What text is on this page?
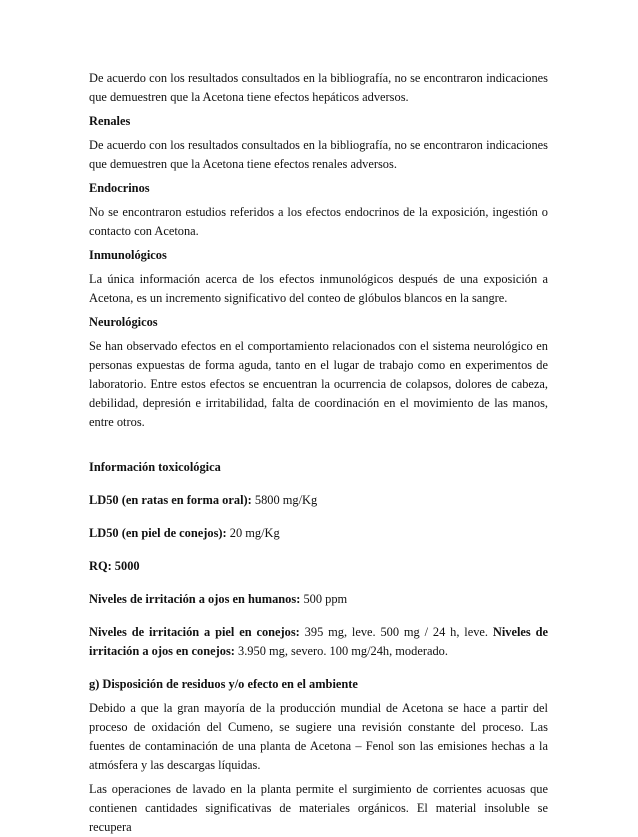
De acuerdo con los resultados consultados en la bibliografía, no se encontraron indicaciones que demuestren que la Acetona tiene efectos hepáticos adversos.

Renales

De acuerdo con los resultados consultados en la bibliografía, no se encontraron indicaciones que demuestren que la Acetona tiene efectos renales adversos.

Endocrinos

No se encontraron estudios referidos a los efectos endocrinos de la exposición, ingestión o contacto con Acetona.

Inmunológicos

La única información acerca de los efectos inmunológicos después de una exposición a Acetona, es un incremento significativo del conteo de glóbulos blancos en la sangre.

Neurológicos

Se han observado efectos en el comportamiento relacionados con el sistema neurológico en personas expuestas de forma aguda, tanto en el lugar de trabajo como en experimentos de laboratorio. Entre estos efectos se encuentran la ocurrencia de colapsos, dolores de cabeza, debilidad, depresión e irritabilidad, falta de coordinación en el movimiento de las manos, entre otros.

Información toxicológica

LD50 (en ratas en forma oral): 5800 mg/Kg

LD50 (en piel de conejos): 20 mg/Kg

RQ: 5000

Niveles de irritación a ojos en humanos: 500 ppm

Niveles de irritación a piel en conejos: 395 mg, leve. 500 mg / 24 h, leve. Niveles de irritación a ojos en conejos: 3.950 mg, severo. 100 mg/24h, moderado.

g) Disposición de residuos y/o efecto en el ambiente

Debido a que la gran mayoría de la producción mundial de Acetona se hace a partir del proceso de oxidación del Cumeno, se sugiere una revisión constante del proceso. Las fuentes de contaminación de una planta de Acetona – Fenol son las emisiones hechas a la atmósfera y las descargas líquidas.

Las operaciones de lavado en la planta permite el surgimiento de corrientes acuosas que contienen cantidades significativas de materiales orgánicos. El material insoluble se recupera
